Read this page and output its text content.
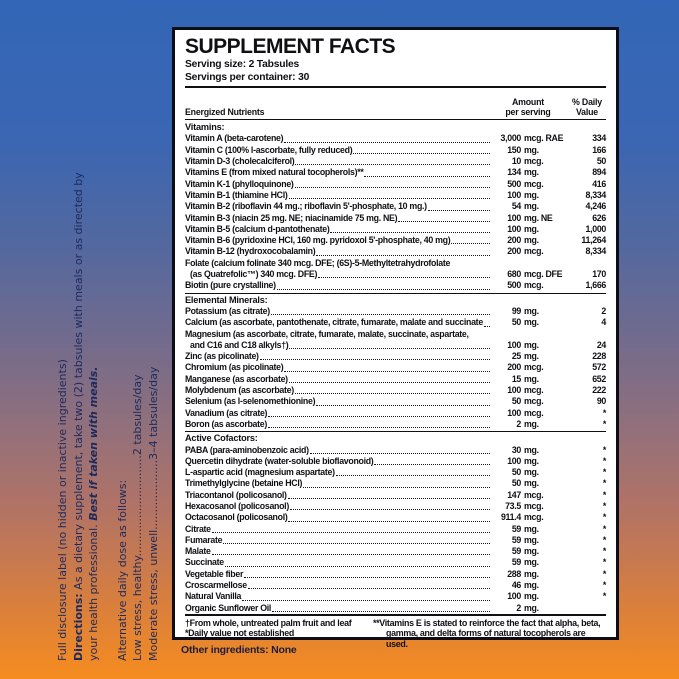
Full disclosure label (no hidden or inactive ingredients) Directions: As a dietary supplement, take two (2) tabsules with meals or as directed by your health professional. Best if taken with meals.
Alternative daily dose as follows: Low stress, healthy.............................2 tabsules/day Moderate stress, unwell....................3–4 tabsules/day
SUPPLEMENT FACTS
Serving size: 2 Tabsules
Servings per container: 30
Energized Nutrients
Amount
per serving
% Daily
Value
Vitamins:
Vitamin A (beta-carotene)	3,000 mcg. RAE	334
Vitamin C (100% l-ascorbate, fully reduced)	150 mg.	166
Vitamin D-3 (cholecalciferol)	10 mcg.	50
Vitamins E (from mixed natural tocopherols)**	134 mg.	894
Vitamin K-1 (phylloquinone)	500 mcg.	416
Vitamin B-1 (thiamine HCl)	100 mg.	8,334
Vitamin B-2 (riboflavin 44 mg.; riboflavin 5'-phosphate, 10 mg.)	54 mg.	4,246
Vitamin B-3 (niacin 25 mg. NE; niacinamide 75 mg. NE)	100 mg. NE	626
Vitamin B-5 (calcium d-pantothenate)	100 mg.	1,000
Vitamin B-6 (pyridoxine HCl, 160 mg. pyridoxol 5'-phosphate, 40 mg)	200 mg.	11,264
Vitamin B-12 (hydroxocobalamin)	200 mcg.	8,334
Folate (calcium folinate 340 mcg. DFE; (6S)-5-Methyltetrahydrofolate
(as Quatrefolic™) 340 mcg. DFE)	680 mcg. DFE	170
Biotin (pure crystalline)	500 mcg.	1,666
Elemental Minerals:
Potassium (as citrate)	99 mg.	2
Calcium (as ascorbate, pantothenate, citrate, fumarate, malate and succinate	50 mg.	4
Magnesium (as ascorbate, citrate, fumarate, malate, succinate, aspartate,
and C16 and C18 alkyls†)	100 mg.	24
Zinc (as picolinate)	25 mg.	228
Chromium (as picolinate)	200 mcg.	572
Manganese (as ascorbate)	15 mg.	652
Molybdenum (as ascorbate)	100 mcg.	222
Selenium (as l-selenomethionine)	50 mcg.	90
Vanadium (as citrate)	100 mcg.	*
Boron (as ascorbate)	2 mg.	*
Active Cofactors:
PABA (para-aminobenzoic acid)	30 mg.	*
Quercetin dihydrate (water-soluble bioflavonoid)	100 mg.	*
L-aspartic acid (magnesium aspartate)	50 mg.	*
Trimethylglycine (betaine HCl)	50 mg.	*
Triacontanol (policosanol)	147 mcg.	*
Hexacosanol (policosanol)	73.5 mcg.	*
Octacosanol (policosanol)	911.4 mcg.	*
Citrate	59 mg.	*
Fumarate	59 mg.	*
Malate	59 mg.	*
Succinate	59 mg.	*
Vegetable fiber	288 mg.	*
Croscarmellose	46 mg.	*
Natural Vanilla	100 mg.	*
Organic Sunflower Oil	2 mg.
†From whole, untreated palm fruit and leaf
*Daily value not established
**Vitamins E is stated to reinforce the fact that alpha, beta,
gamma, and delta forms of natural tocopherols are used.
Other ingredients: None
